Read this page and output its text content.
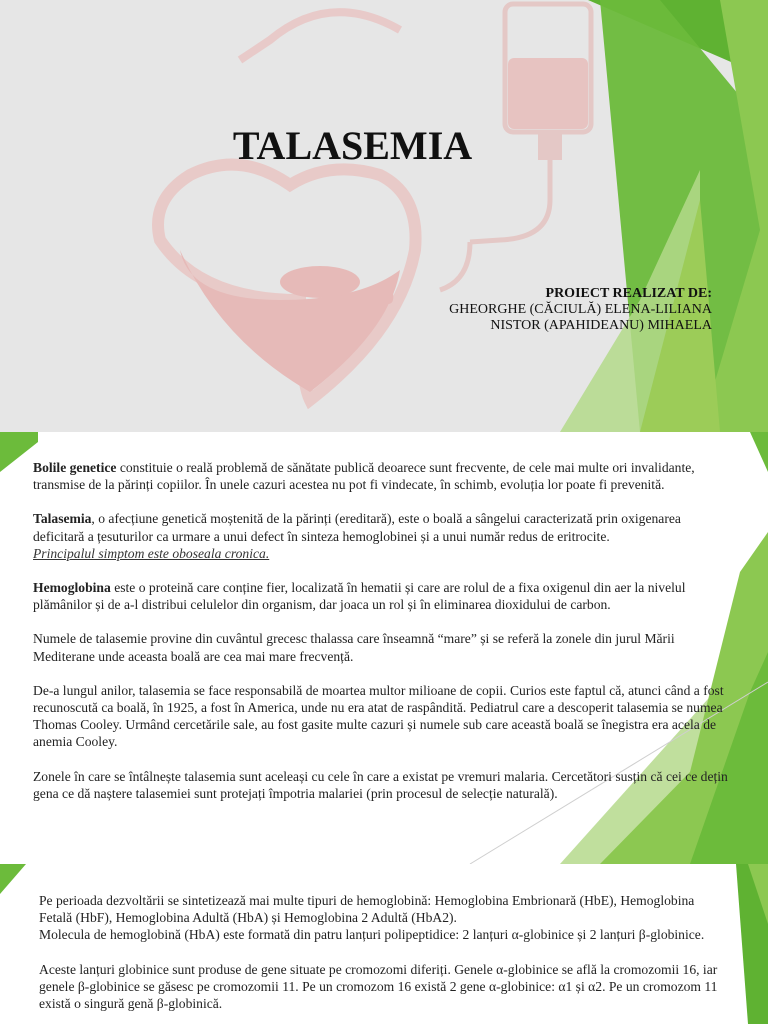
TALASEMIA
PROIECT REALIZAT DE:
GHEORGHE (CĂCIULĂ) ELENA-LILIANA
NISTOR (APAHIDEANU) MIHAELA

Bolile genetice constituie o reală problemă de sănătate publică deoarece sunt frecvente, de cele mai multe ori invalidante, transmise de la părinți copiilor. În unele cazuri acestea nu pot fi vindecate, în schimb, evoluția lor poate fi prevenită.

Talasemia, o afecțiune genetică moștenită de la părinți (ereditară), este o boală a sângelui caracterizată prin oxigenarea deficitară a țesuturilor ca urmare a unui defect în sinteza hemoglobinei și a unui număr redus de eritrocite.
Principalul simptom este oboseala cronica.

Hemoglobina este o proteină care conține fier, localizată în hematii și care are rolul de a fixa oxigenul din aer la nivelul plămânilor și de a-l distribui celulelor din organism, dar joaca un rol și în eliminarea dioxidului de carbon.

Numele de talasemie provine din cuvântul grecesc thalassa care înseamnă “mare” și se referă la zonele din jurul Mării Mediterane unde aceasta boală are cea mai mare frecvență.

De-a lungul anilor, talasemia se face responsabilă de moartea multor milioane de copii. Curios este faptul că, atunci când a fost recunoscută ca boală, în 1925, a fost în America, unde nu era atat de raspândită. Pediatrul care a descoperit talasemia se numea Thomas Cooley. Urmând cercetările sale, au fost gasite multe cazuri și numele sub care această boală se înegistra era acela de anemia Cooley.

Zonele în care se întâlnește talasemia sunt aceleași cu cele în care a existat pe vremuri malaria. Cercetători susțin că cei ce dețin gena ce dă naștere talasemiei sunt protejați împotria malariei (prin procesul de selecție naturală).

Pe perioada dezvoltării se sintetizează mai multe tipuri de hemoglobină: Hemoglobina Embrionară (HbE), Hemoglobina Fetală (HbF), Hemoglobina Adultă (HbA) și Hemoglobina 2 Adultă (HbA2).
Molecula de hemoglobină (HbA) este formată din patru lanțuri polipeptidice: 2 lanțuri α-globinice și 2 lanțuri β-globinice.

Aceste lanțuri globinice sunt produse de gene situate pe cromozomi diferiți. Genele α-globinice se află la cromozomii 16, iar genele β-globinice se găsesc pe cromozomii 11. Pe un cromozom 16 există 2 gene α-globinice: α1 și α2. Pe un cromozom 11 există o singură genă β-globinică.
